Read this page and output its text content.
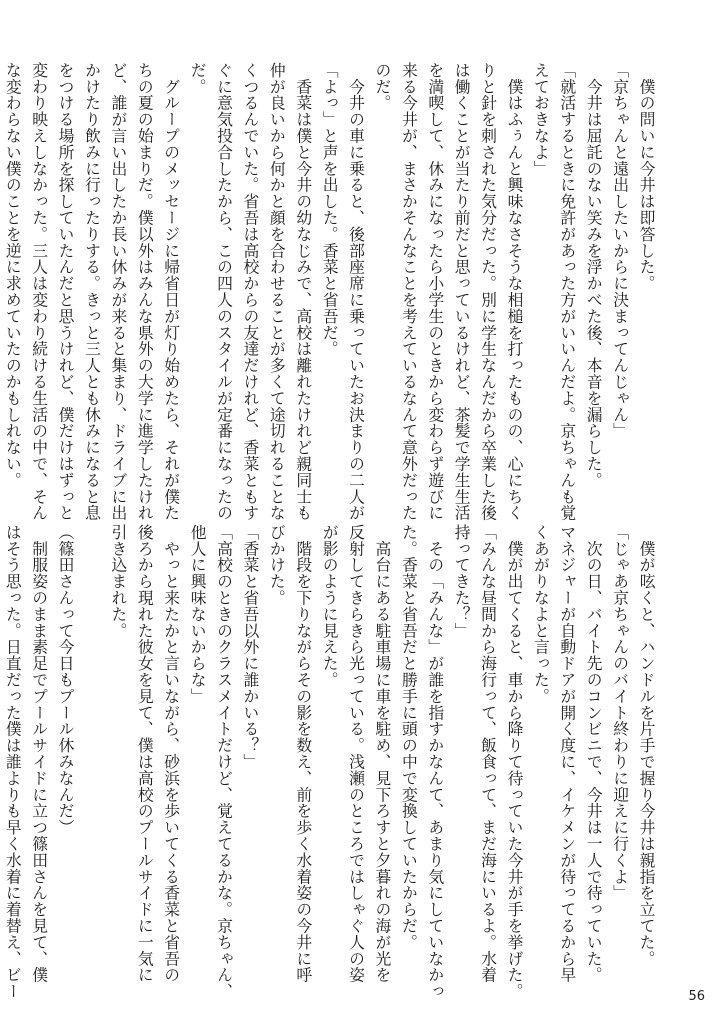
　僕の問いに今井は即答した。
「京ちゃんと遠出したいからに決まってんじゃん」
　今井は屈託のない笑みを浮かべた後、本音を漏らした。
「就活するときに免許があった方がいいんだよ。京ちゃんも覚
えておきなよ」
　僕はふぅんと興味なさそうな相槌を打ったものの、心にちく
りと針を刺された気分だった。別に学生なんだから卒業した後
は働くことが当たり前だと思っているけれど、茶髪で学生生活
を満喫して、休みになったら小学生のときから変わらず遊びに
来る今井が、まさかそんなことを考えているなんて意外だった
のだ。
　今井の車に乗ると、後部座席に乗っていたお決まりの二人が
「よっ」と声を出した。香菜と省吾だ。
　香菜は僕と今井の幼なじみで、高校は離れたけれど親同士も
仲が良いから何かと顔を合わせることが多くて途切れることな
くつるんでいた。省吾は高校からの友達だけれど、香菜ともす
ぐに意気投合したから、この四人のスタイルが定番になったの
だ。
　グループのメッセージに帰省日が灯り始めたら、それが僕た
ちの夏の始まりだ。僕以外はみんな県外の大学に進学したけれ
ど、誰が言い出したか長い休みが来ると集まり、ドライブに出
かけたり飲みに行ったりする。きっと三人とも休みになると息
をつける場所を探していたんだと思うけれど、僕だけはずっと
変わり映えしなかった。三人は変わり続ける生活の中で、そん
な変わらない僕のことを逆に求めていたのかもしれない。
　僕が呟くと、ハンドルを片手で握り今井は親指を立てた。
「じゃあ京ちゃんのバイト終わりに迎えに行くよ」
　次の日、バイト先のコンビニで、今井は一人で待っていた。
マネジャーが自動ドアが開く度に、イケメンが待ってるから早
くあがりなよと言った。
　僕が出てくると、車から降りて待っていた今井が手を挙げた。
「みんな昼間から海行って、飯食って、まだ海にいるよ。水着
持ってきた？」
　その「みんな」が誰を指すかなんて、あまり気にしていなかっ
た。香菜と省吾だと勝手に頭の中で変換していたからだ。
　高台にある駐車場に車を駐め、見下ろすと夕暮れの海が光を
反射してきらきら光っている。浅瀬のところではしゃぐ人の姿
が影のように見えた。
　階段を下りながらその影を数え、前を歩く水着姿の今井に呼
びかけた。
「香菜と省吾以外に誰かいる？」
「高校のときのクラスメイトだけど、覚えてるかな。京ちゃん、
他人に興味ないからな」
　やっと来たかと言いながら、砂浜を歩いてくる香菜と省吾の
後ろから現れた彼女を見て、僕は高校のプールサイドに一気に
引き込まれた。

（篠田さんって今日もプール休みなんだ）
　制服姿のまま素足でプールサイドに立つ篠田さんを見て、僕
はそう思った。日直だった僕は誰よりも早く水着に着替え、ビー	56
